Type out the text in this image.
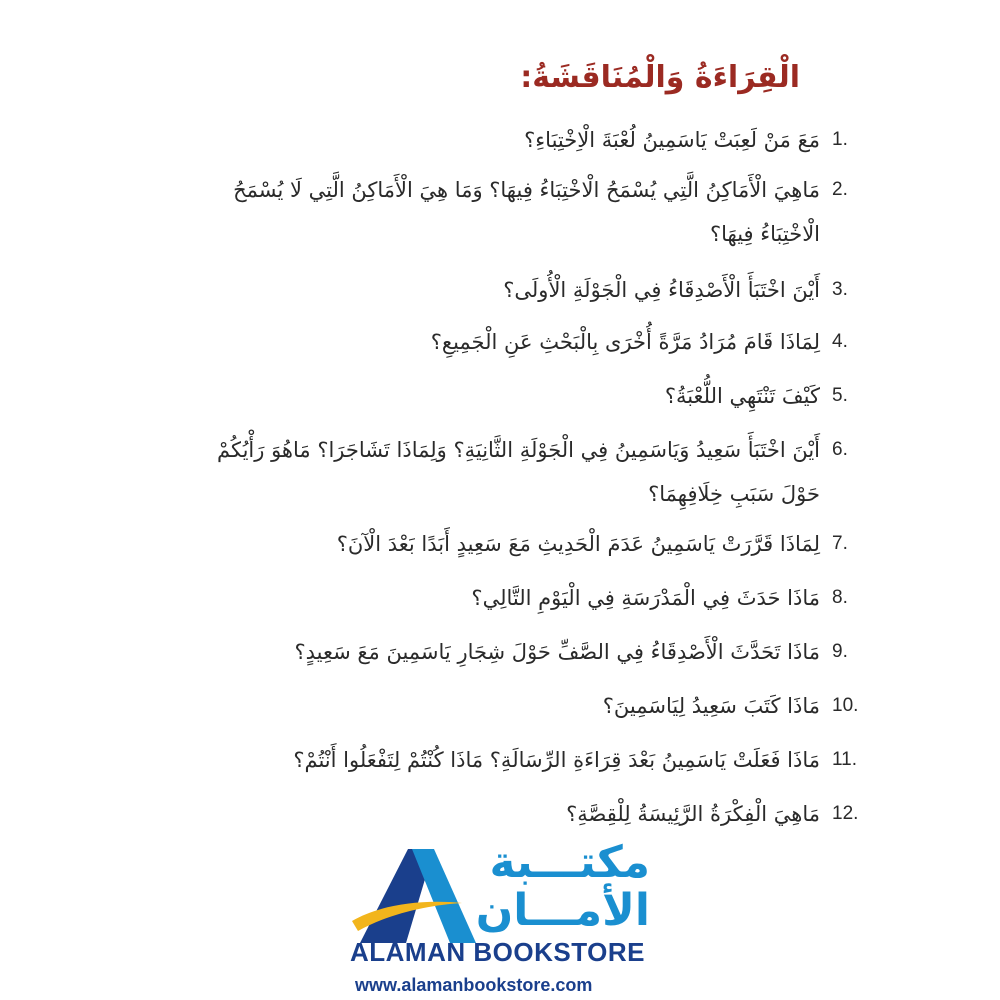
الْقِرَاءَةُ وَالْمُنَاقَشَةُ:
1.
مَعَ مَنْ لَعِبَتْ يَاسَمِينُ لُعْبَةَ الْاِخْتِبَاءِ؟
2.
مَاهِيَ الْأَمَاكِنُ الَّتِي يُسْمَحُ الْاخْتِبَاءُ فِيهَا؟ وَمَا هِيَ الْأَمَاكِنُ الَّتِي لَا يُسْمَحُ الْاخْتِبَاءُ فِيهَا؟
3.
أَيْنَ اخْتَبَأَ الْأَصْدِقَاءُ فِي الْجَوْلَةِ الْأُولَى؟
4.
لِمَاذَا قَامَ مُرَادُ مَرَّةً أُخْرَى بِالْبَحْثِ عَنِ الْجَمِيعِ؟
5.
كَيْفَ تَنْتَهِي اللُّعْبَةُ؟
6.
أَيْنَ اخْتَبَأَ سَعِيدُ وَيَاسَمِينُ فِي الْجَوْلَةِ الثَّانِيَةِ؟ وَلِمَاذَا تَشَاجَرَا؟ مَاهُوَ رَأْيُكُمْ حَوْلَ سَبَبِ خِلَافِهِمَا؟
7.
لِمَاذَا قَرَّرَتْ يَاسَمِينُ عَدَمَ الْحَدِيثِ مَعَ سَعِيدٍ أَبَدًا بَعْدَ الْآنَ؟
8.
مَاذَا حَدَثَ فِي الْمَدْرَسَةِ فِي الْيَوْمِ التَّالِي؟
9.
مَاذَا تَحَدَّثَ الْأَصْدِقَاءُ فِي الصَّفِّ حَوْلَ شِجَارِ يَاسَمِينَ مَعَ سَعِيدٍ؟
10.
مَاذَا كَتَبَ سَعِيدُ لِيَاسَمِينَ؟
11.
مَاذَا فَعَلَتْ يَاسَمِينُ بَعْدَ قِرَاءَةِ الرِّسَالَةِ؟ مَاذَا كُنْتُمْ لِتَفْعَلُوا أَنْتُمْ؟
12.
مَاهِيَ الْفِكْرَةُ الرَّئِيسَةُ لِلْقِصَّةِ؟
مكتـــبة
الأمـــان
ALAMAN BOOKSTORE
www.alamanbookstore.com
